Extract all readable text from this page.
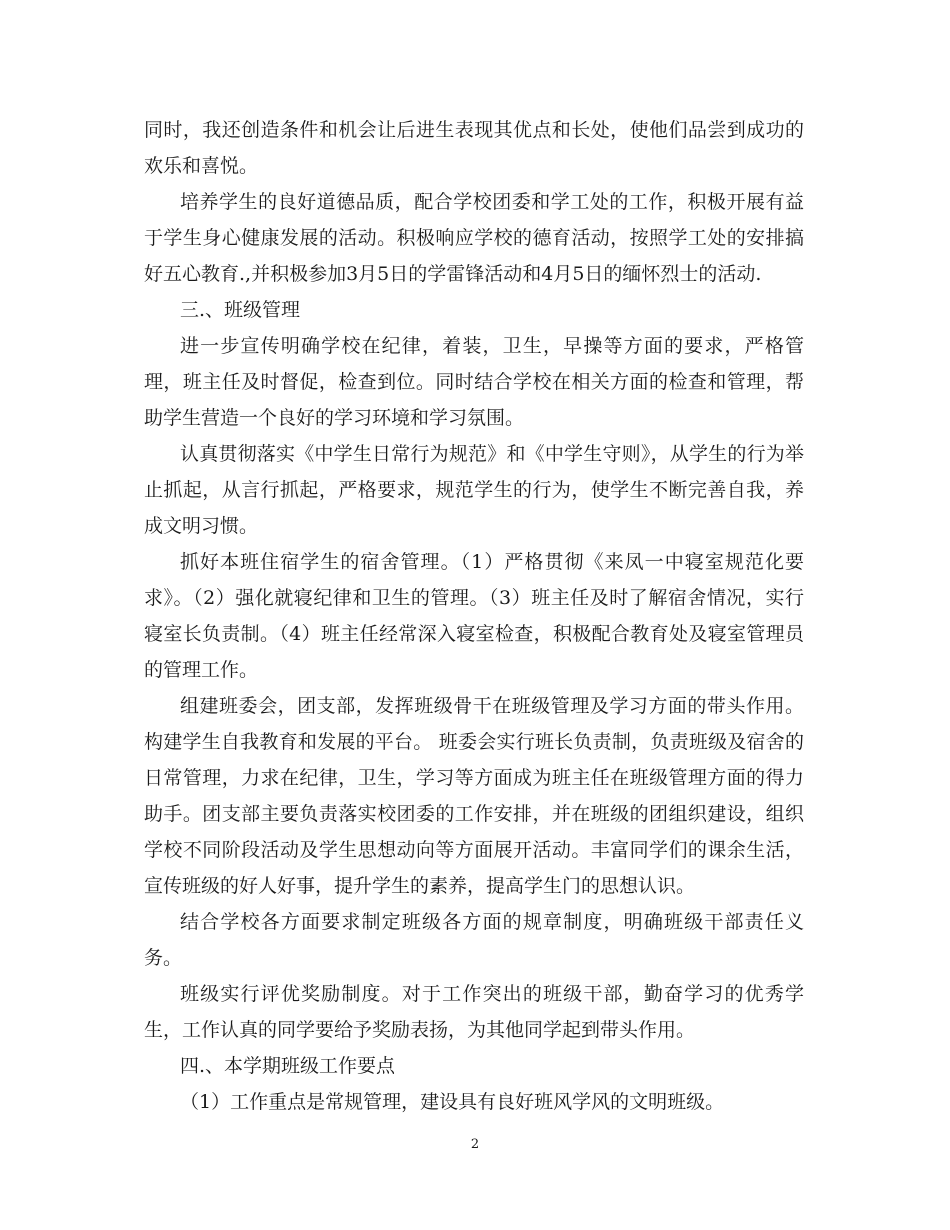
同时，我还创造条件和机会让后进生表现其优点和长处，使他们品尝到成功的欢乐和喜悦。

培养学生的良好道德品质，配合学校团委和学工处的工作，积极开展有益于学生身心健康发展的活动。积极响应学校的德育活动，按照学工处的安排搞好五心教育.,并积极参加3月5日的学雷锋活动和4月5日的缅怀烈士的活动.

三.、班级管理

进一步宣传明确学校在纪律，着装，卫生，早操等方面的要求，严格管理，班主任及时督促，检查到位。同时结合学校在相关方面的检查和管理，帮助学生营造一个良好的学习环境和学习氛围。

认真贯彻落实《中学生日常行为规范》和《中学生守则》，从学生的行为举止抓起，从言行抓起，严格要求，规范学生的行为，使学生不断完善自我，养成文明习惯。

抓好本班住宿学生的宿舍管理。（1）严格贯彻《来凤一中寝室规范化要求》。（2）强化就寝纪律和卫生的管理。（3）班主任及时了解宿舍情况，实行寝室长负责制。（4）班主任经常深入寝室检查，积极配合教育处及寝室管理员的管理工作。

组建班委会，团支部，发挥班级骨干在班级管理及学习方面的带头作用。构建学生自我教育和发展的平台。 班委会实行班长负责制，负责班级及宿舍的日常管理，力求在纪律，卫生，学习等方面成为班主任在班级管理方面的得力助手。团支部主要负责落实校团委的工作安排，并在班级的团组织建设，组织学校不同阶段活动及学生思想动向等方面展开活动。丰富同学们的课余生活，宣传班级的好人好事，提升学生的素养，提高学生门的思想认识。

结合学校各方面要求制定班级各方面的规章制度，明确班级干部责任义务。

班级实行评优奖励制度。对于工作突出的班级干部，勤奋学习的优秀学生，工作认真的同学要给予奖励表扬，为其他同学起到带头作用。

四.、本学期班级工作要点

（1）工作重点是常规管理，建设具有良好班风学风的文明班级。

2
